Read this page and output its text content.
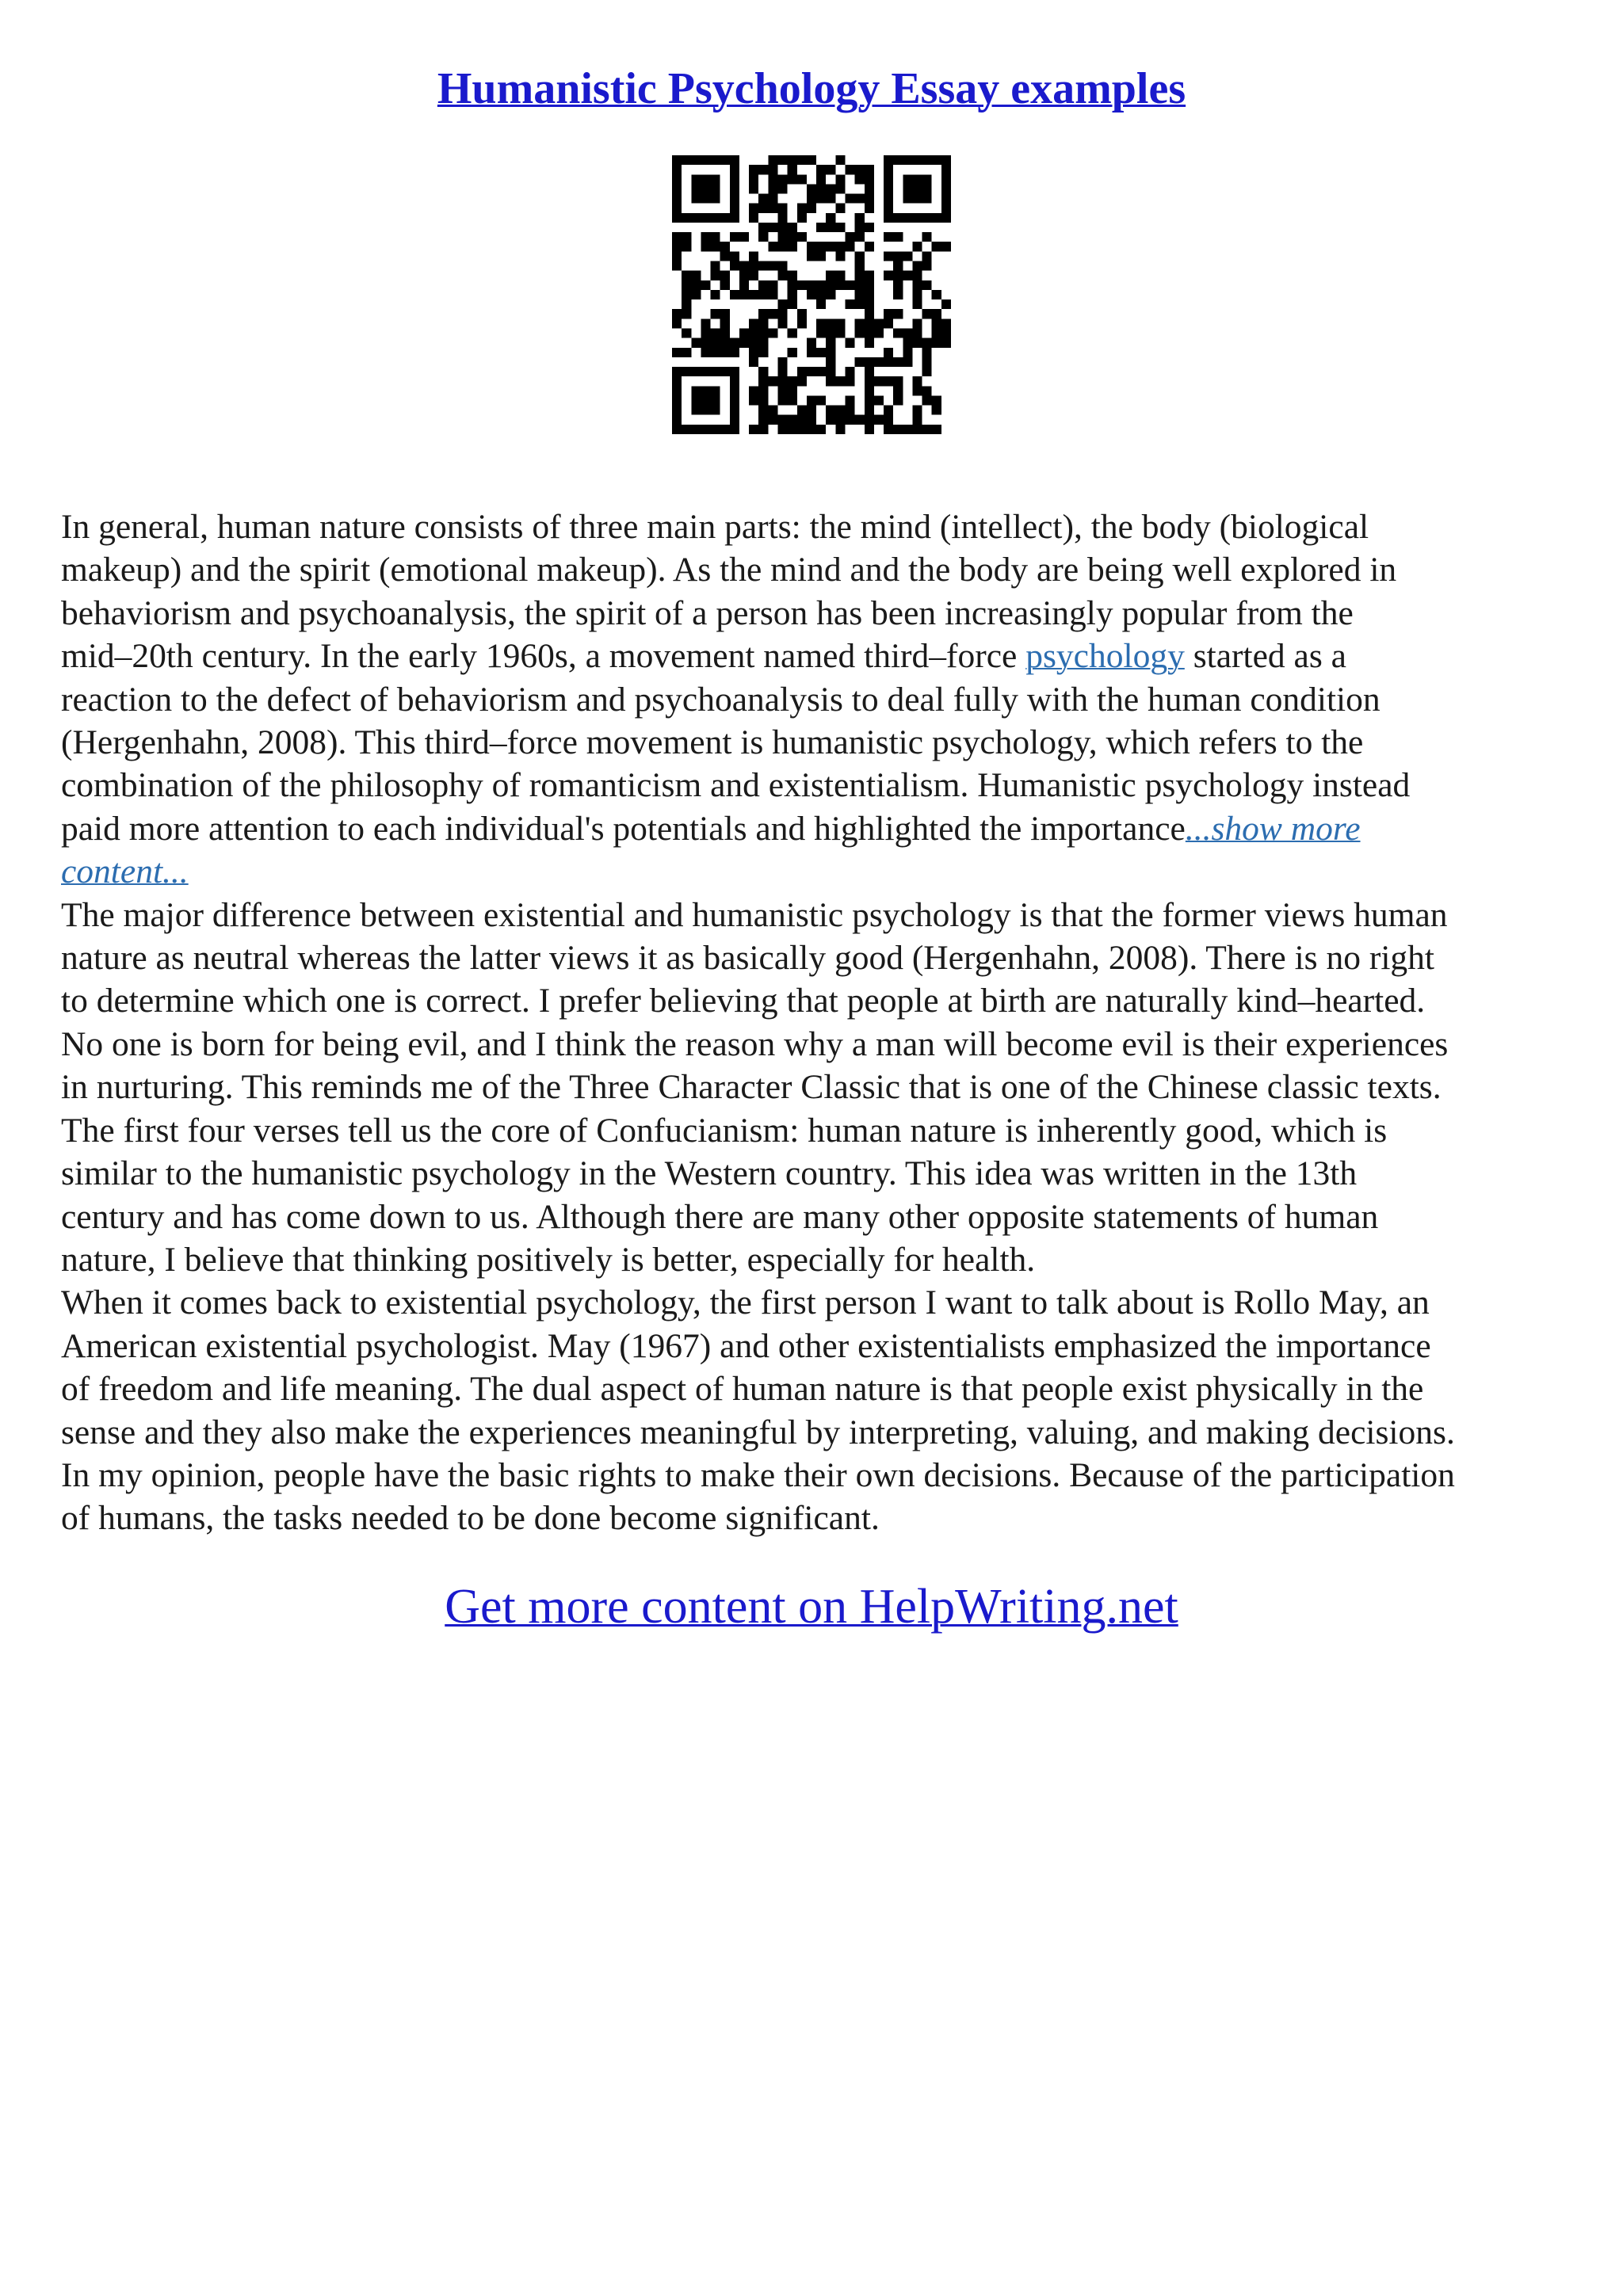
Humanistic Psychology Essay examples

In general, human nature consists of three main parts: the mind (intellect), the body (biological

makeup) and the spirit (emotional makeup). As the mind and the body are being well explored in

behaviorism and psychoanalysis, the spirit of a person has been increasingly popular from the

mid–20th century. In the early 1960s, a movement named third–force psychology started as a

reaction to the defect of behaviorism and psychoanalysis to deal fully with the human condition

(Hergenhahn, 2008). This third–force movement is humanistic psychology, which refers to the

combination of the philosophy of romanticism and existentialism. Humanistic psychology instead

paid more attention to each individual's potentials and highlighted the importance...show more

content...

The major difference between existential and humanistic psychology is that the former views human

nature as neutral whereas the latter views it as basically good (Hergenhahn, 2008). There is no right

to determine which one is correct. I prefer believing that people at birth are naturally kind–hearted.

No one is born for being evil, and I think the reason why a man will become evil is their experiences

in nurturing. This reminds me of the Three Character Classic that is one of the Chinese classic texts.

The first four verses tell us the core of Confucianism: human nature is inherently good, which is

similar to the humanistic psychology in the Western country. This idea was written in the 13th

century and has come down to us. Although there are many other opposite statements of human

nature, I believe that thinking positively is better, especially for health.

When it comes back to existential psychology, the first person I want to talk about is Rollo May, an

American existential psychologist. May (1967) and other existentialists emphasized the importance

of freedom and life meaning. The dual aspect of human nature is that people exist physically in the

sense and they also make the experiences meaningful by interpreting, valuing, and making decisions.

In my opinion, people have the basic rights to make their own decisions. Because of the participation

of humans, the tasks needed to be done become significant.

Get more content on HelpWriting.net
